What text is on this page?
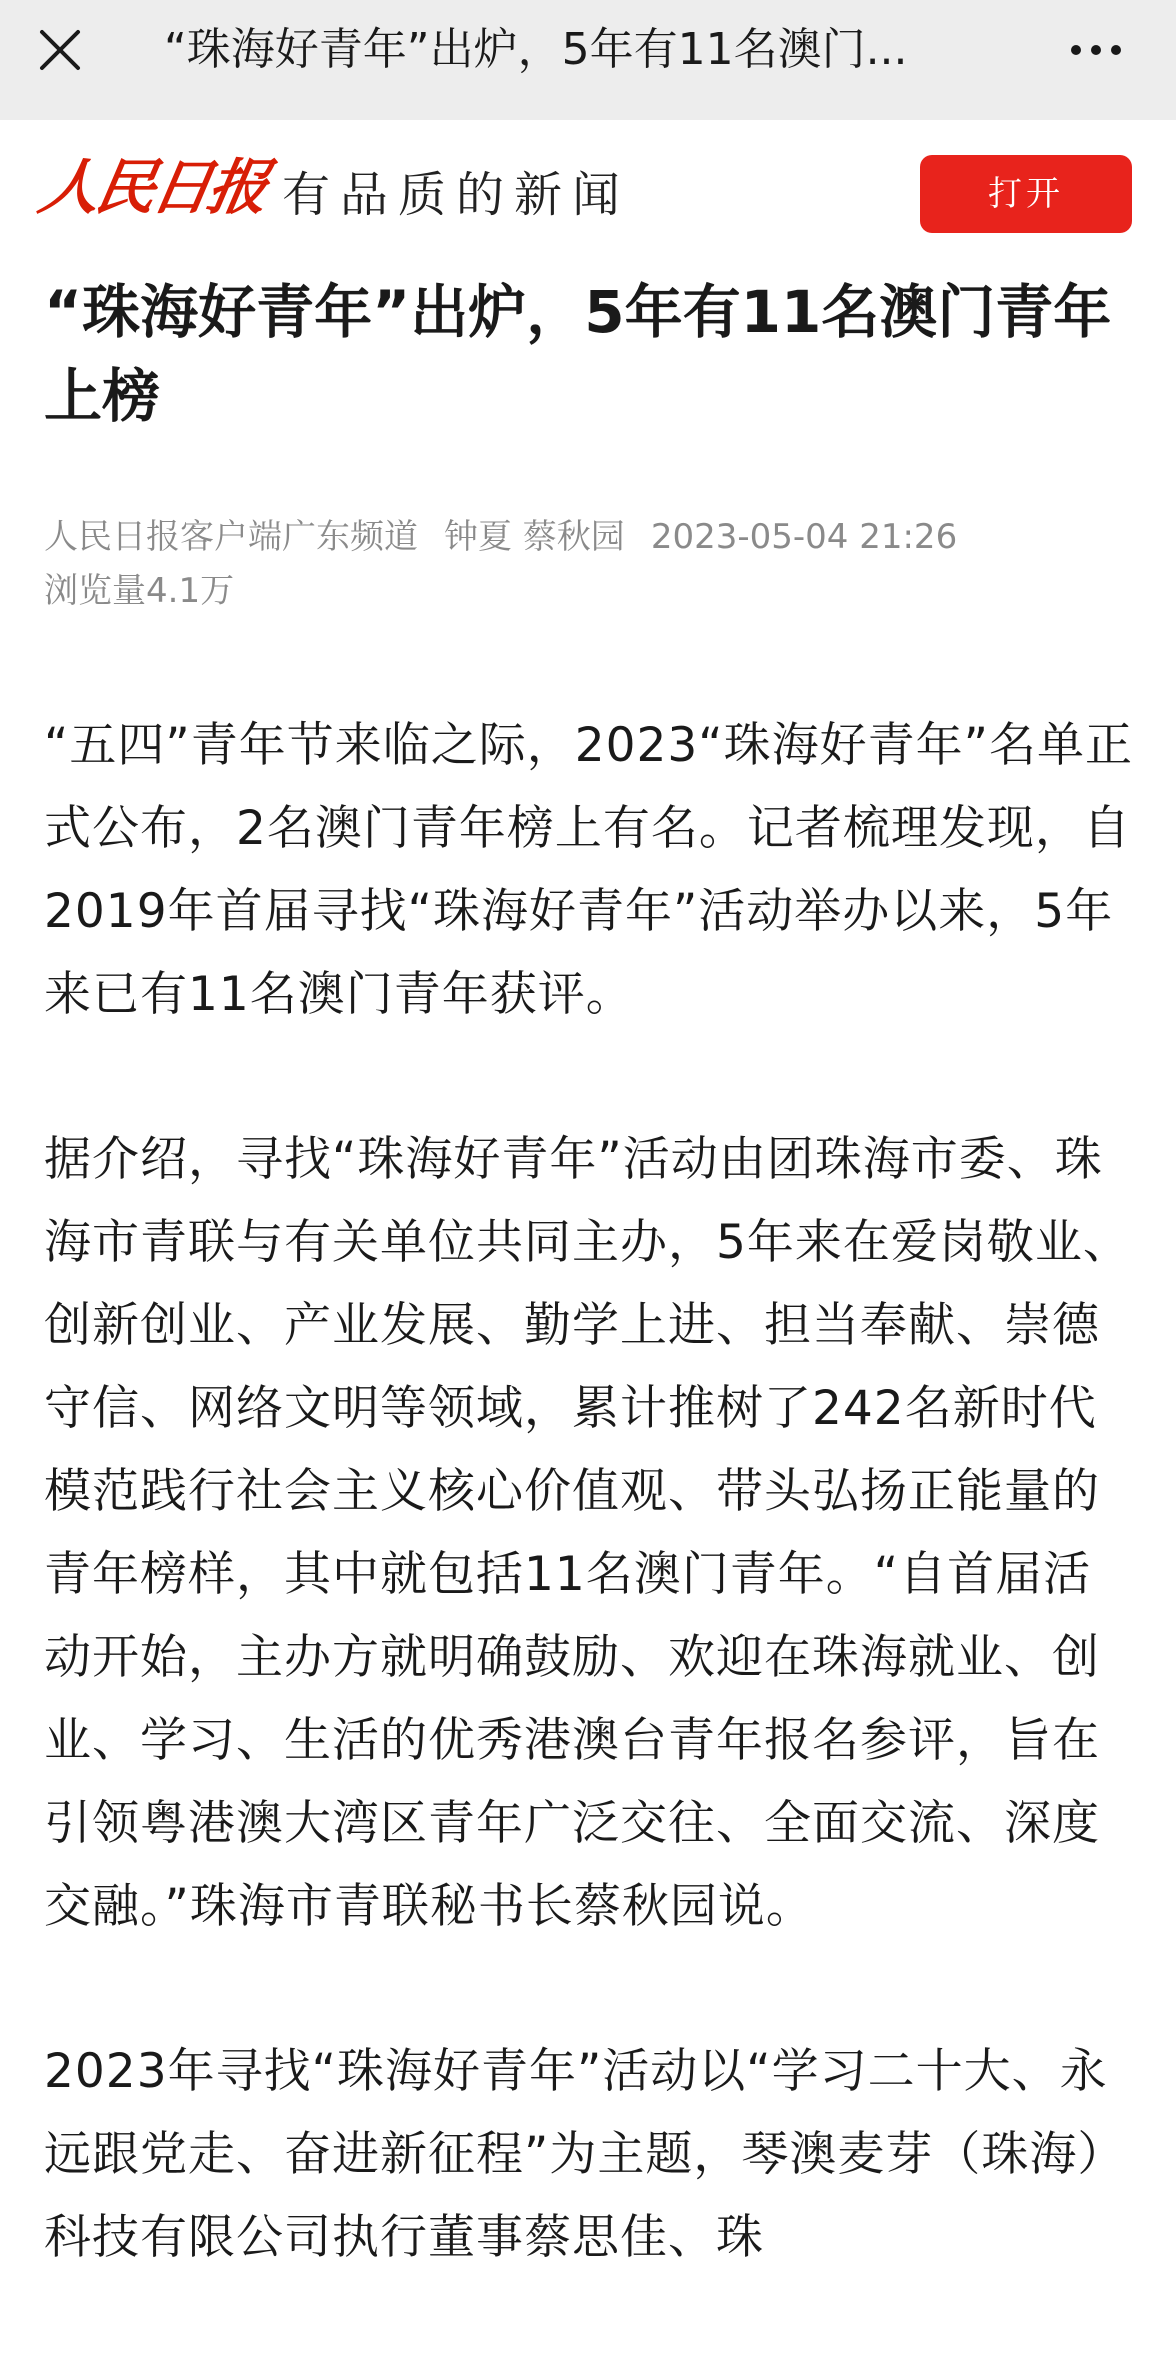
“珠海好青年”出炉，5年有11名澳门...
人民日报 有品质的新闻	打开
“珠海好青年”出炉，5年有11名澳门青年上榜
人民日报客户端广东频道 钟夏 蔡秋园 2023-05-04 21:26
浏览量4.1万

“五四”青年节来临之际，2023“珠海好青年”名单正式公布，2名澳门青年榜上有名。记者梳理发现，自2019年首届寻找“珠海好青年”活动举办以来，5年来已有11名澳门青年获评。

据介绍，寻找“珠海好青年”活动由团珠海市委、珠海市青联与有关单位共同主办，5年来在爱岗敬业、创新创业、产业发展、勤学上进、担当奉献、崇德守信、网络文明等领域，累计推树了242名新时代模范践行社会主义核心价值观、带头弘扬正能量的青年榜样，其中就包括11名澳门青年。“自首届活动开始，主办方就明确鼓励、欢迎在珠海就业、创业、学习、生活的优秀港澳台青年报名参评，旨在引领粤港澳大湾区青年广泛交往、全面交流、深度交融。”珠海市青联秘书长蔡秋园说。

2023年寻找“珠海好青年”活动以“学习二十大、永远跟党走、奋进新征程”为主题，琴澳麦芽（珠海）科技有限公司执行董事蔡思佳、珠
